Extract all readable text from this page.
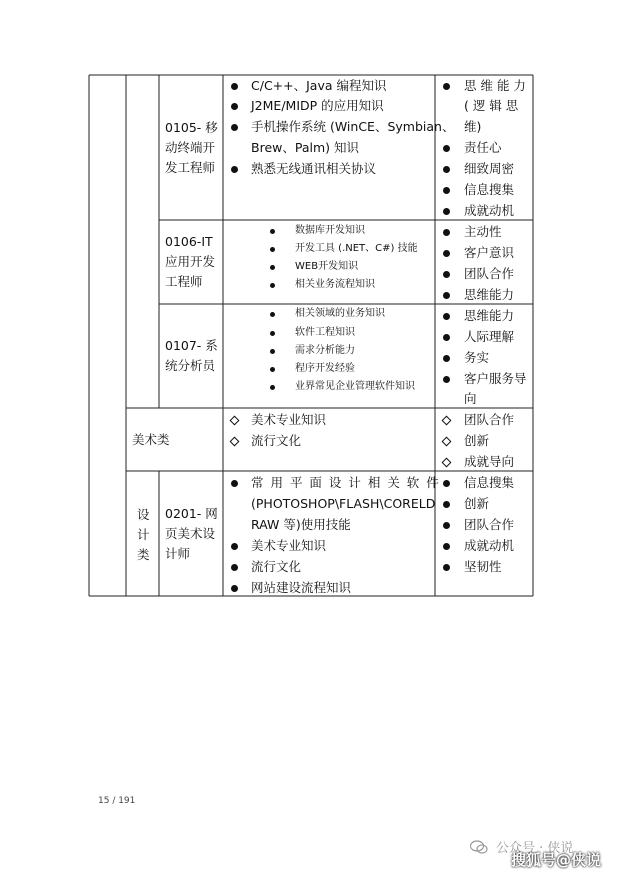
0105- 移
动终端开
发工程师
C/C++、Java 编程知识
J2ME/MIDP 的应用知识
手机操作系统 (WinCE、Symbian、
Brew、Palm) 知识
熟悉无线通讯相关协议
思 维 能 力
( 逻 辑 思
维)
责任心
细致周密
信息搜集
成就动机
0106-IT
应用开发
工程师
数据库开发知识
开发工具 (.NET、C#) 技能
WEB开发知识
相关业务流程知识
主动性
客户意识
团队合作
思维能力
0107- 系
统分析员
相关领域的业务知识
软件工程知识
需求分析能力
程序开发经验
业界常见企业管理软件知识
思维能力
人际理解
务实
客户服务导
向
美术类
美术专业知识
流行文化
团队合作
创新
成就导向
设
计
类
0201- 网
页美术设
计师
常 用 平 面 设 计 相 关 软 件
(PHOTOSHOP\FLASH\CORELD
RAW 等)使用技能
美术专业知识
流行文化
网站建设流程知识
信息搜集
创新
团队合作
成就动机
坚韧性
15 / 191
公众号 · 侠说
搜狐号@侠说
